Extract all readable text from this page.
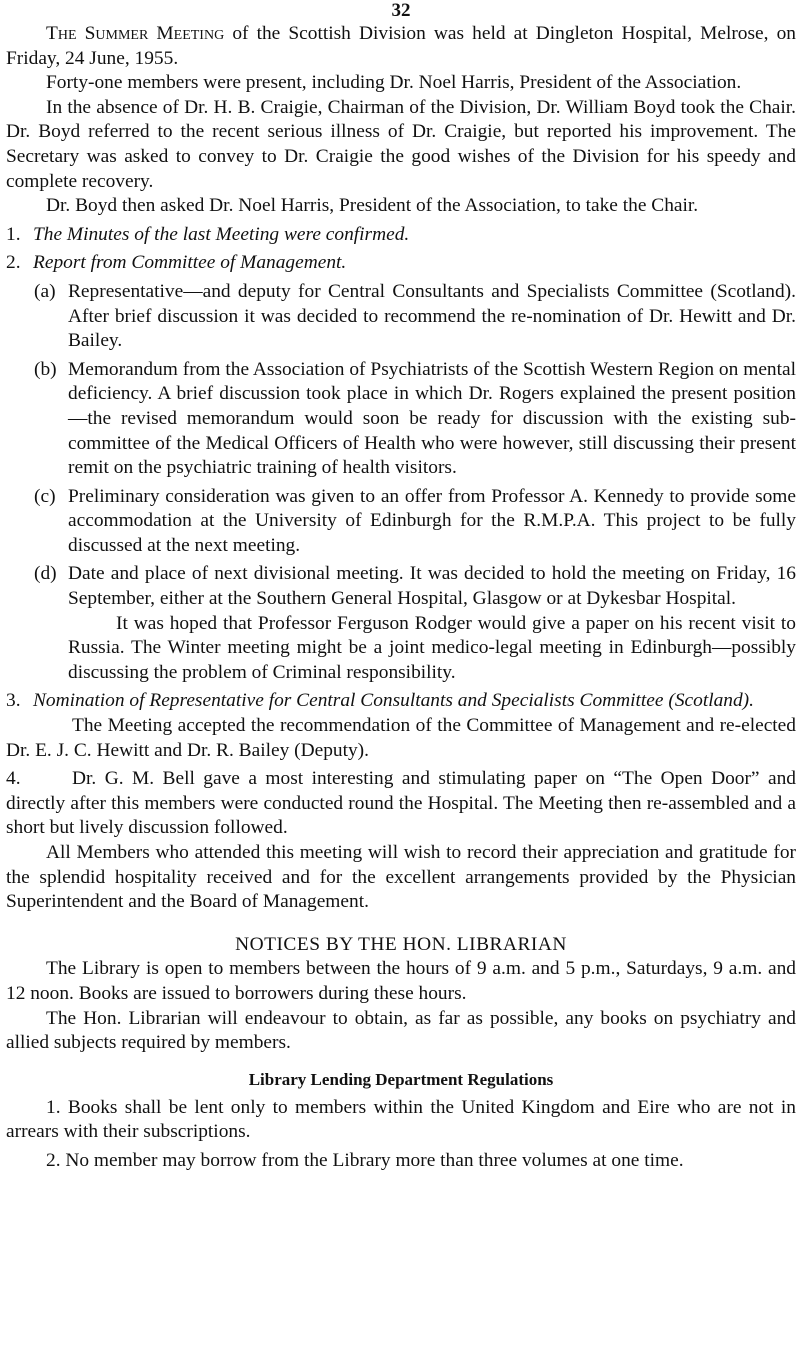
32

The Summer Meeting of the Scottish Division was held at Dingleton Hospital, Melrose, on Friday, 24 June, 1955.

Forty-one members were present, including Dr. Noel Harris, President of the Association.

In the absence of Dr. H. B. Craigie, Chairman of the Division, Dr. William Boyd took the Chair. Dr. Boyd referred to the recent serious illness of Dr. Craigie, but reported his improvement. The Secretary was asked to convey to Dr. Craigie the good wishes of the Division for his speedy and complete recovery.

Dr. Boyd then asked Dr. Noel Harris, President of the Association, to take the Chair.

1. The Minutes of the last Meeting were confirmed.

2. Report from Committee of Management.

(a) Representative—and deputy for Central Consultants and Specialists Committee (Scotland). After brief discussion it was decided to recommend the re-nomination of Dr. Hewitt and Dr. Bailey.

(b) Memorandum from the Association of Psychiatrists of the Scottish Western Region on mental deficiency. A brief discussion took place in which Dr. Rogers explained the present position—the revised memorandum would soon be ready for discussion with the existing sub-committee of the Medical Officers of Health who were however, still discussing their present remit on the psychiatric training of health visitors.

(c) Preliminary consideration was given to an offer from Professor A. Kennedy to provide some accommodation at the University of Edinburgh for the R.M.P.A. This project to be fully discussed at the next meeting.

(d) Date and place of next divisional meeting. It was decided to hold the meeting on Friday, 16 September, either at the Southern General Hospital, Glasgow or at Dykesbar Hospital.

It was hoped that Professor Ferguson Rodger would give a paper on his recent visit to Russia. The Winter meeting might be a joint medico-legal meeting in Edinburgh—possibly discussing the problem of Criminal responsibility.

3. Nomination of Representative for Central Consultants and Specialists Committee (Scotland).

The Meeting accepted the recommendation of the Committee of Management and re-elected Dr. E. J. C. Hewitt and Dr. R. Bailey (Deputy).

4.	Dr. G. M. Bell gave a most interesting and stimulating paper on “The Open Door” and directly after this members were conducted round the Hospital. The Meeting then re-assembled and a short but lively discussion followed.

All Members who attended this meeting will wish to record their appreciation and gratitude for the splendid hospitality received and for the excellent arrangements provided by the Physician Superintendent and the Board of Management.

NOTICES BY THE HON. LIBRARIAN

The Library is open to members between the hours of 9 a.m. and 5 p.m., Saturdays, 9 a.m. and 12 noon. Books are issued to borrowers during these hours.

The Hon. Librarian will endeavour to obtain, as far as possible, any books on psychiatry and allied subjects required by members.

Library Lending Department Regulations

1. Books shall be lent only to members within the United Kingdom and Eire who are not in arrears with their subscriptions.

2. No member may borrow from the Library more than three volumes at one time.
